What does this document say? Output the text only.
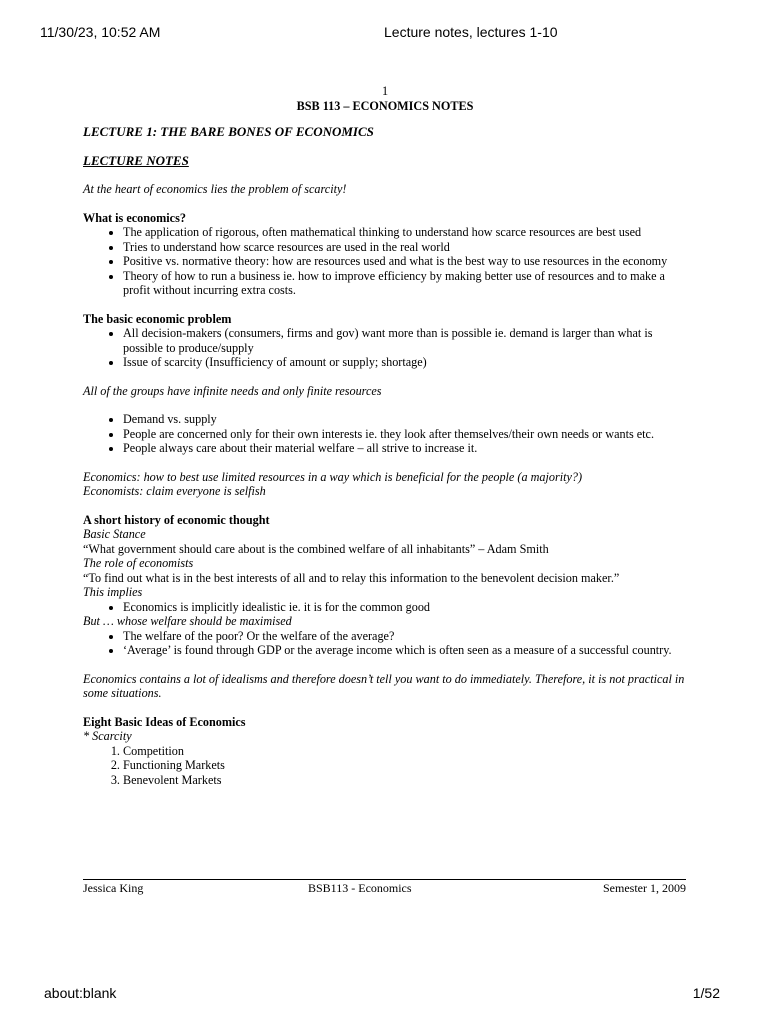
11/30/23, 10:52 AM	Lecture notes, lectures 1-10

1

BSB 113 – ECONOMICS NOTES

LECTURE 1: THE BARE BONES OF ECONOMICS

LECTURE NOTES

At the heart of economics lies the problem of scarcity!

What is economics?

• The application of rigorous, often mathematical thinking to understand how scarce resources are best used
• Tries to understand how scarce resources are used in the real world
• Positive vs. normative theory: how are resources used and what is the best way to use resources in the economy
• Theory of how to run a business ie. how to improve efficiency by making better use of resources and to make a profit without incurring extra costs.

The basic economic problem

• All decision-makers (consumers, firms and gov) want more than is possible ie. demand is larger than what is possible to produce/supply
• Issue of scarcity (Insufficiency of amount or supply; shortage)

All of the groups have infinite needs and only finite resources

• Demand vs. supply
• People are concerned only for their own interests ie. they look after themselves/their own needs or wants etc.
• People always care about their material welfare – all strive to increase it.

Economics: how to best use limited resources in a way which is beneficial for the people (a majority?)

Economists: claim everyone is selfish

A short history of economic thought

Basic Stance

“What government should care about is the combined welfare of all inhabitants” – Adam Smith

The role of economists

“To find out what is in the best interests of all and to relay this information to the benevolent decision maker.”

This implies

• Economics is implicitly idealistic ie. it is for the common good

But … whose welfare should be maximised

• The welfare of the poor? Or the welfare of the average?
• ‘Average’ is found through GDP or the average income which is often seen as a measure of a successful country.

Economics contains a lot of idealisms and therefore doesn’t tell you want to do immediately. Therefore, it is not practical in some situations.

Eight Basic Ideas of Economics

* Scarcity

1. Competition
2. Functioning Markets
3. Benevolent Markets
Jessica King	BSB113 - Economics	Semester 1, 2009
about:blank	1/52
